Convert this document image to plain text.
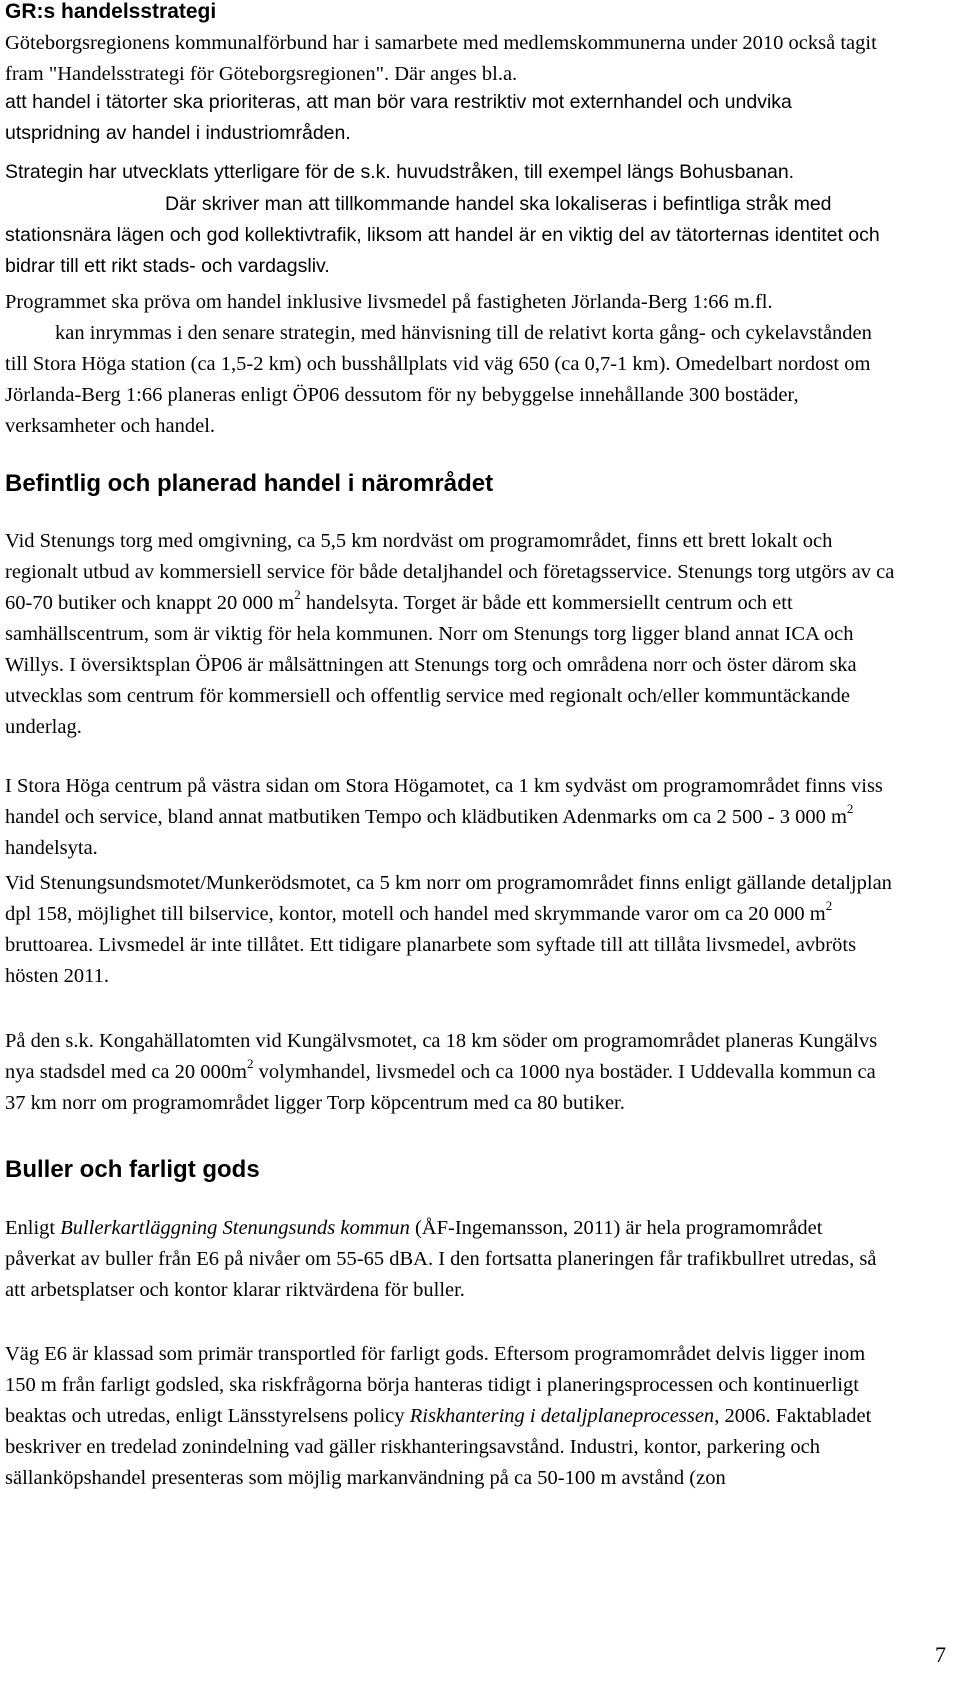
GR:s handelsstrategi

Göteborgsregionens kommunalförbund har i samarbete med medlemskommunerna under 2010 också tagit fram "Handelsstrategi för Göteborgsregionen". Där anges bl.a.

att handel i tätorter ska prioriteras, att man bör vara restriktiv mot externhandel och undvika utspridning av handel i industriområden.

Strategin har utvecklats ytterligare för de s.k. huvudstråken, till exempel längs Bohusbanan.

Där skriver man att tillkommande handel ska lokaliseras i befintliga stråk med stationsnära lägen och god kollektivtrafik, liksom att handel är en viktig del av tätorternas identitet och bidrar till ett rikt stads- och vardagsliv.

Programmet ska pröva om handel inklusive livsmedel på fastigheten Jörlanda-Berg 1:66 m.fl.

kan inrymmas i den senare strategin, med hänvisning till de relativt korta gång- och cykelavstånden till Stora Höga station (ca 1,5-2 km) och busshållplats vid väg 650 (ca 0,7-1 km). Omedelbart nordost om Jörlanda-Berg 1:66 planeras enligt ÖP06 dessutom för ny bebyggelse innehållande 300 bostäder, verksamheter och handel.

Befintlig och planerad handel i närområdet

Vid Stenungs torg med omgivning, ca 5,5 km nordväst om programområdet, finns ett brett lokalt och regionalt utbud av kommersiell service för både detaljhandel och företagsservice. Stenungs torg utgörs av ca 60-70 butiker och knappt 20 000 $m^2$ handelsyta. Torget är både ett kommersiellt centrum och ett samhällscentrum, som är viktig för hela kommunen. Norr om Stenungs torg ligger bland annat ICA och Willys. I översiktsplan ÖP06 är målsättningen att Stenungs torg och områdena norr och öster därom ska utvecklas som centrum för kommersiell och offentlig service med regionalt och/eller kommuntäckande underlag.

I Stora Höga centrum på västra sidan om Stora Högamotet, ca 1 km sydväst om programområdet finns viss handel och service, bland annat matbutiken Tempo och klädbutiken Adenmarks om ca 2 500 - 3 000 $m^2$ handelsyta.

Vid Stenungsundsmotet/Munkerödsmotet, ca 5 km norr om programområdet finns enligt gällande detaljplan dpl 158, möjlighet till bilservice, kontor, motell och handel med skrymmande varor om ca 20 000 $m^2$ bruttoarea. Livsmedel är inte tillåtet. Ett tidigare planarbete som syftade till att tillåta livsmedel, avbröts hösten 2011.

På den s.k. Kongahällatomten vid Kungälvsmotet, ca 18 km söder om programområdet planeras Kungälvs nya stadsdel med ca 20 $000m^2$ volymhandel, livsmedel och ca 1000 nya bostäder. I Uddevalla kommun ca 37 km norr om programområdet ligger Torp köpcentrum med ca 80 butiker.

Buller och farligt gods

Enligt Bullerkartläggning Stenungsunds kommun (ÅF-Ingemansson, 2011) är hela programområdet påverkat av buller från E6 på nivåer om 55-65 dBA. I den fortsatta planeringen får trafikbullret utredas, så att arbetsplatser och kontor klarar riktvärdena för buller.

Väg E6 är klassad som primär transportled för farligt gods. Eftersom programområdet delvis ligger inom 150 m från farligt godsled, ska riskfrågorna börja hanteras tidigt i planeringsprocessen och kontinuerligt beaktas och utredas, enligt Länsstyrelsens policy Riskhantering i detaljplaneprocessen, 2006. Faktabladet beskriver en tredelad zonindelning vad gäller riskhanteringsavstånd. Industri, kontor, parkering och sällanköpshandel presenteras som möjlig markanvändning på ca 50-100 m avstånd (zon

7
